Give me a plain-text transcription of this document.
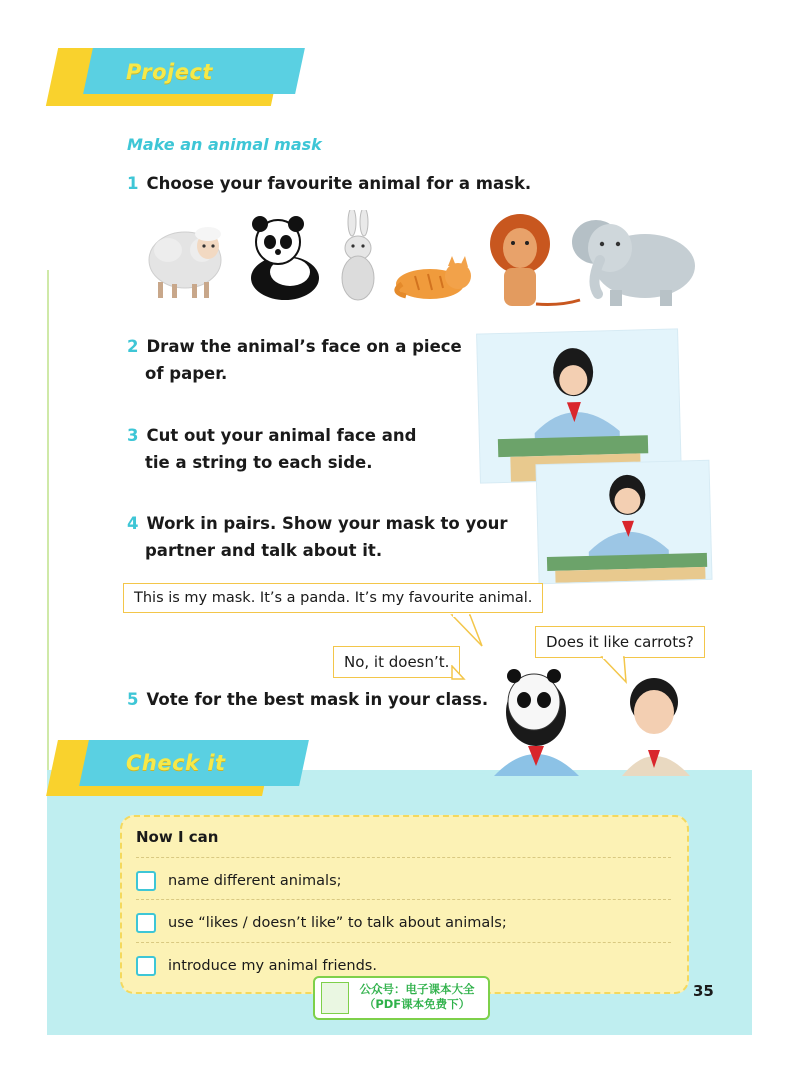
Project
Make an animal mask
1 Choose your favourite animal for a mask.
2 Draw the animal’s face on a piece
of paper.
3 Cut out your animal face and
tie a string to each side.
4 Work in pairs. Show your mask to your
partner and talk about it.
This is my mask. It’s a panda. It’s my favourite animal.
Does it like carrots?
No, it doesn’t.
5 Vote for the best mask in your class.
Check it
Now I can
name different animals;
use “likes / doesn’t like” to talk about animals;
introduce my animal friends.
公众号：电子课本大全
（PDF课本免费下）
35
